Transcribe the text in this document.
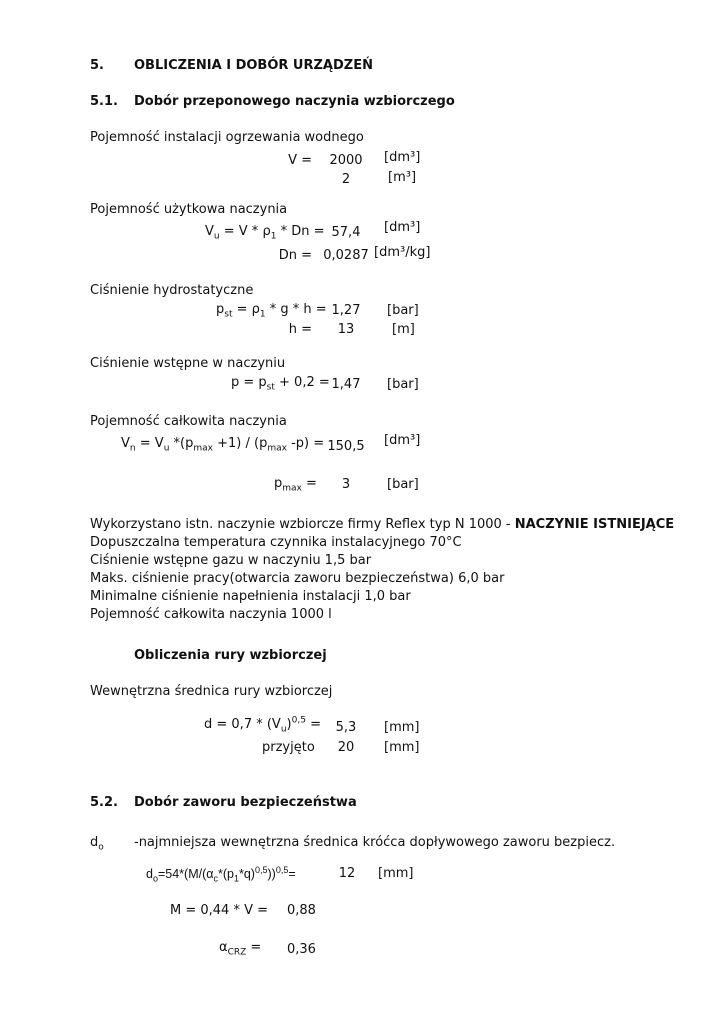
5. OBLICZENIA I DOBÓR URZĄDZEŃ
5.1. Dobór przeponowego naczynia wzbiorczego
Pojemność instalacji ogrzewania wodnego
V =	2000	[dm³]
2	[m³]
Pojemność użytkowa naczynia
$V_u = V * \rho_1 * Dn = 57,4$	[dm³]
Dn = 0,0287 [dm³/kg]
Ciśnienie hydrostatyczne
$p_{st} = \rho_1 * g * h = 1,27$	[bar]
h =	13	[m]
Ciśnienie wstępne w naczyniu
$p = p_{st} + 0,2 = 1,47$	[bar]
Pojemność całkowita naczynia
$V_n = V_u$ $*(p_{max} +1) / (p_{max}$ -p) = 150,5	[dm³]
$p_{max}$ =	3	[bar]
Wykorzystano istn. naczynie wzbiorcze firmy Reflex typ N 1000 - NACZYNIE ISTNIEJĄCE
Dopuszczalna temperatura czynnika instalacyjnego 70°C
Ciśnienie wstępne gazu w naczyniu 1,5 bar
Maks. ciśnienie pracy(otwarcia zaworu bezpieczeństwa) 6,0 bar
Minimalne ciśnienie napełnienia instalacji 1,0 bar
Pojemność całkowita naczynia 1000 l
Obliczenia rury wzbiorczej
Wewnętrzna średnica rury wzbiorczej
$d = 0,7 * (V_u)^{0,5}$ =	5,3	[mm]
przyjęto	20	[mm]
5.2. Dobór zaworu bezpieczeństwa
$d_o$ -najmniejsza wewnętrzna średnica króćca dopływowego zaworu bezpiecz.
$d_o=54*(M/(\alpha_c*(p_1*q)^{0,5}))^{0,5}=$	12	[mm]
M = 0,44 * V = 0,88
$\alpha_{CRZ} = 0,36$
